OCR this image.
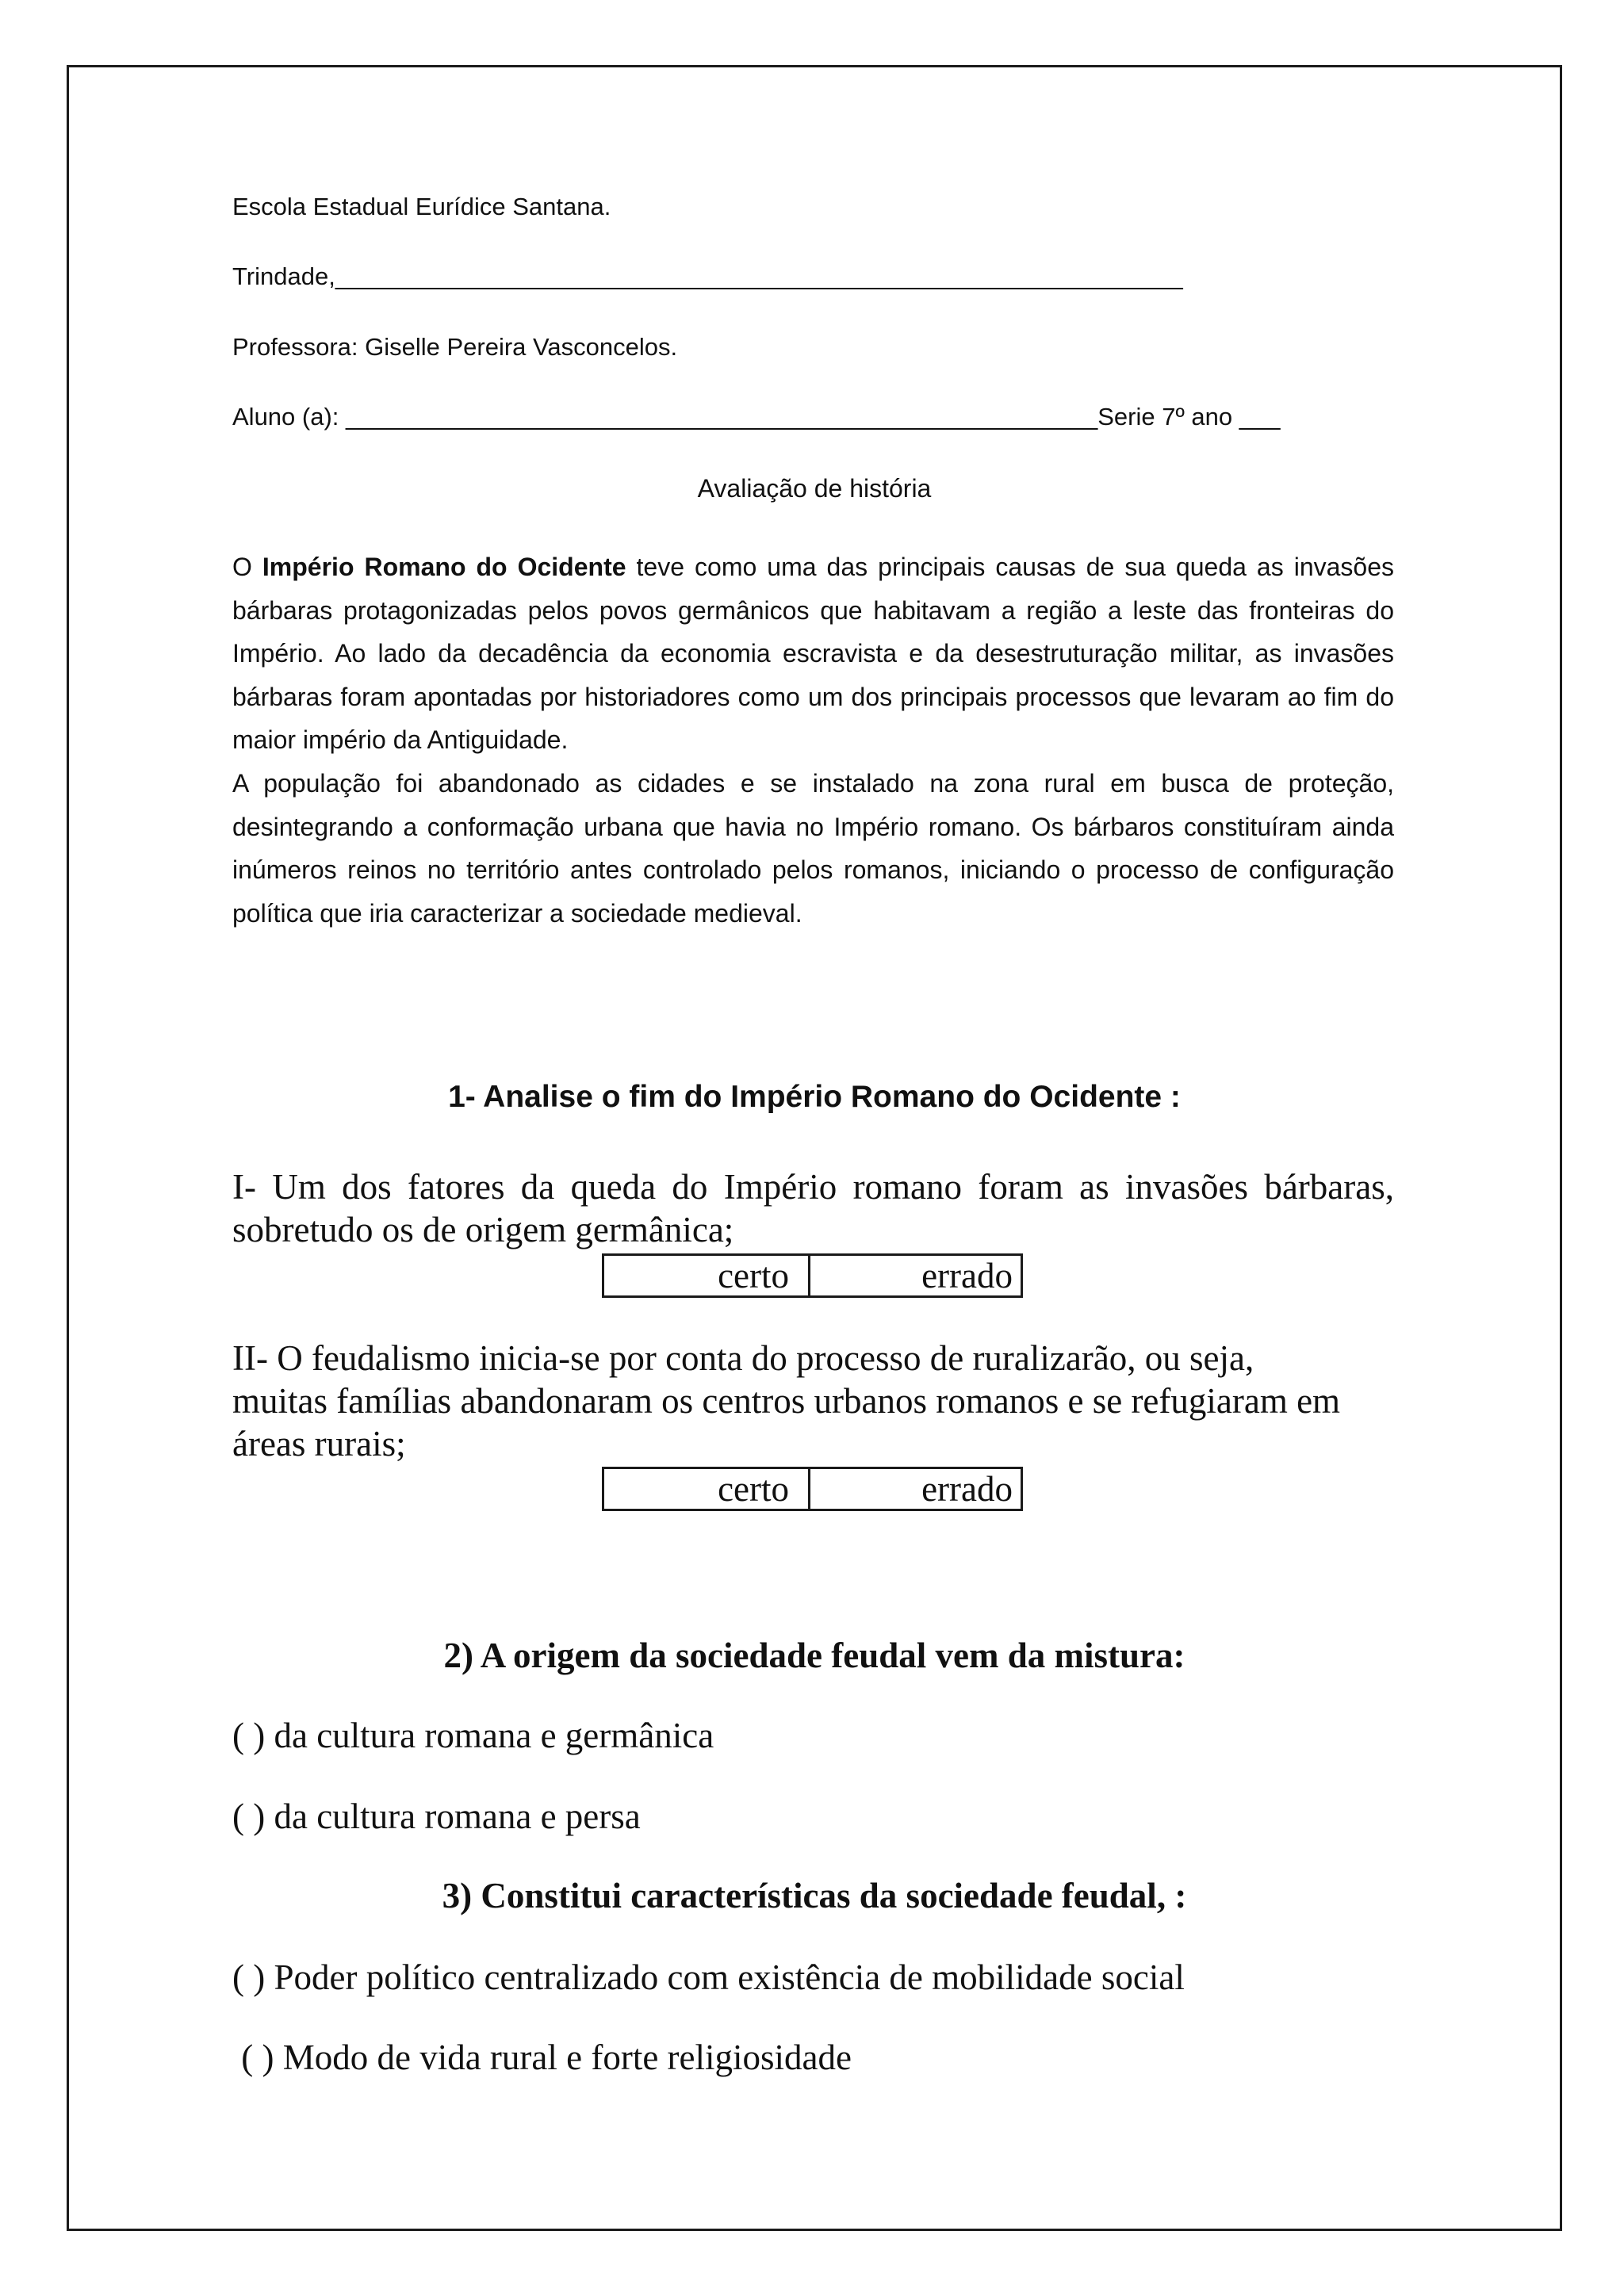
Escola Estadual Eurídice Santana.
Trindade,______________________________________________________________
Professora: Giselle Pereira Vasconcelos.
Aluno (a): _______________________________________________________Serie 7º ano ___
Avaliação de história

O Império Romano do Ocidente teve como uma das principais causas de sua queda as invasões bárbaras protagonizadas pelos povos germânicos que habitavam a região a leste das fronteiras do Império. Ao lado da decadência da economia escravista e da desestruturação militar, as invasões bárbaras foram apontadas por historiadores como um dos principais processos que levaram ao fim do maior império da Antiguidade.

A população foi abandonado as cidades e se instalado na zona rural em busca de proteção, desintegrando a conformação urbana que havia no Império romano. Os bárbaros constituíram ainda inúmeros reinos no território antes controlado pelos romanos, iniciando o processo de configuração política que iria caracterizar a sociedade medieval.

1- Analise o fim do Império Romano do Ocidente :
I- Um dos fatores da queda do Império romano foram as invasões bárbaras, sobretudo os de origem germânica;
certo	errado
II- O feudalismo inicia-se por conta do processo de ruralizarão, ou seja,
muitas famílias abandonaram os centros urbanos romanos e se refugiaram em
áreas rurais;
certo	errado
2) A origem da sociedade feudal vem da mistura:
( ) da cultura romana e germânica
( ) da cultura romana e persa
3) Constitui características da sociedade feudal, :
( ) Poder político centralizado com existência de mobilidade social
( ) Modo de vida rural e forte religiosidade
